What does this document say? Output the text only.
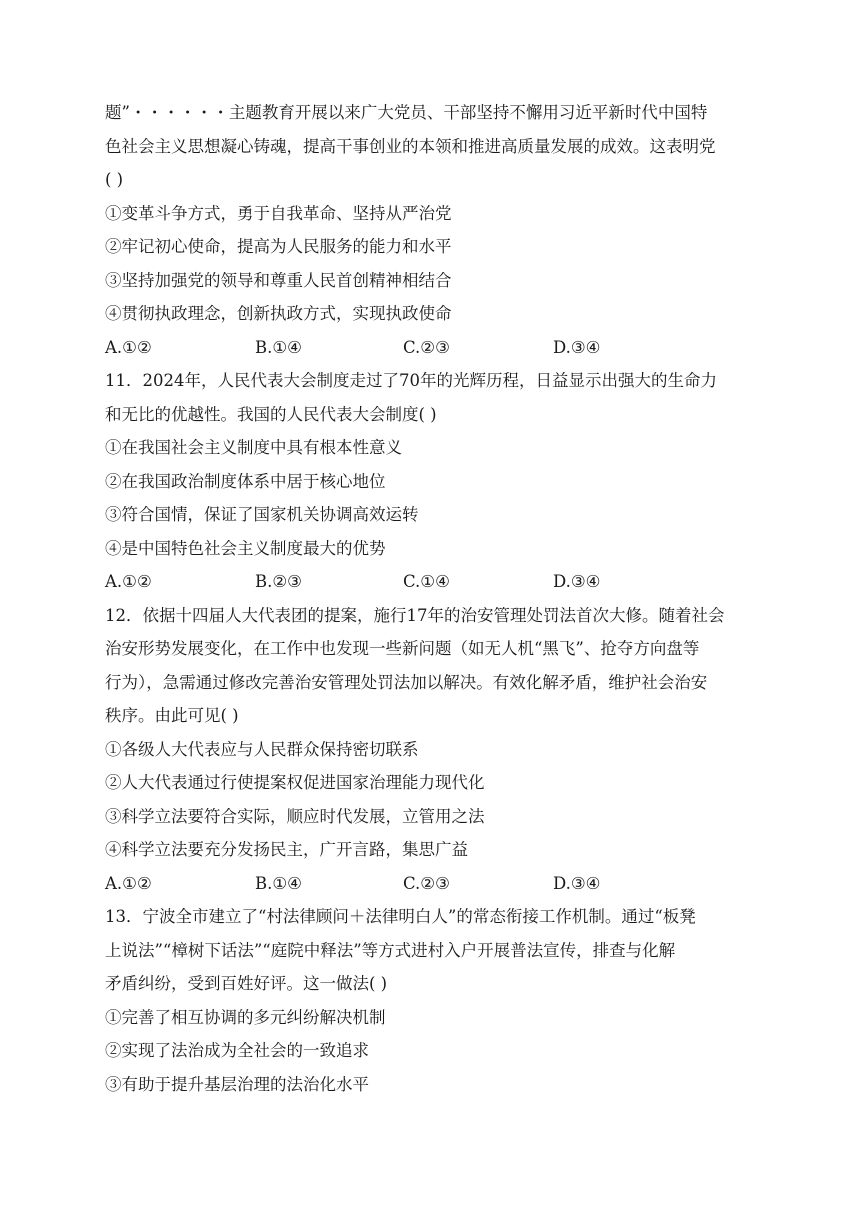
题”・・・・・・主题教育开展以来广大党员、干部坚持不懈用习近平新时代中国特
色社会主义思想凝心铸魂，提高干事创业的本领和推进高质量发展的成效。这表明党
( )
①变革斗争方式，勇于自我革命、坚持从严治党
②牢记初心使命，提高为人民服务的能力和水平
③坚持加强党的领导和尊重人民首创精神相结合
④贯彻执政理念，创新执政方式，实现执政使命
A.①②	B.①④	C.②③	D.③④
11．2024年，人民代表大会制度走过了70年的光辉历程，日益显示出强大的生命力
和无比的优越性。我国的人民代表大会制度( )
①在我国社会主义制度中具有根本性意义
②在我国政治制度体系中居于核心地位
③符合国情，保证了国家机关协调高效运转
④是中国特色社会主义制度最大的优势
A.①②	B.②③	C.①④	D.③④
12．依据十四届人大代表团的提案，施行17年的治安管理处罚法首次大修。随着社会
治安形势发展变化，在工作中也发现一些新问题（如无人机“黑飞”、抢夺方向盘等
行为），急需通过修改完善治安管理处罚法加以解决。有效化解矛盾，维护社会治安
秩序。由此可见( )
①各级人大代表应与人民群众保持密切联系
②人大代表通过行使提案权促进国家治理能力现代化
③科学立法要符合实际，顺应时代发展，立管用之法
④科学立法要充分发扬民主，广开言路，集思广益
A.①②	B.①④	C.②③	D.③④
13．宁波全市建立了“村法律顾问＋法律明白人”的常态衔接工作机制。通过“板凳
上说法”“樟树下话法”“庭院中释法”等方式进村入户开展普法宣传，排查与化解
矛盾纠纷，受到百姓好评。这一做法( )
①完善了相互协调的多元纠纷解决机制
②实现了法治成为全社会的一致追求
③有助于提升基层治理的法治化水平
